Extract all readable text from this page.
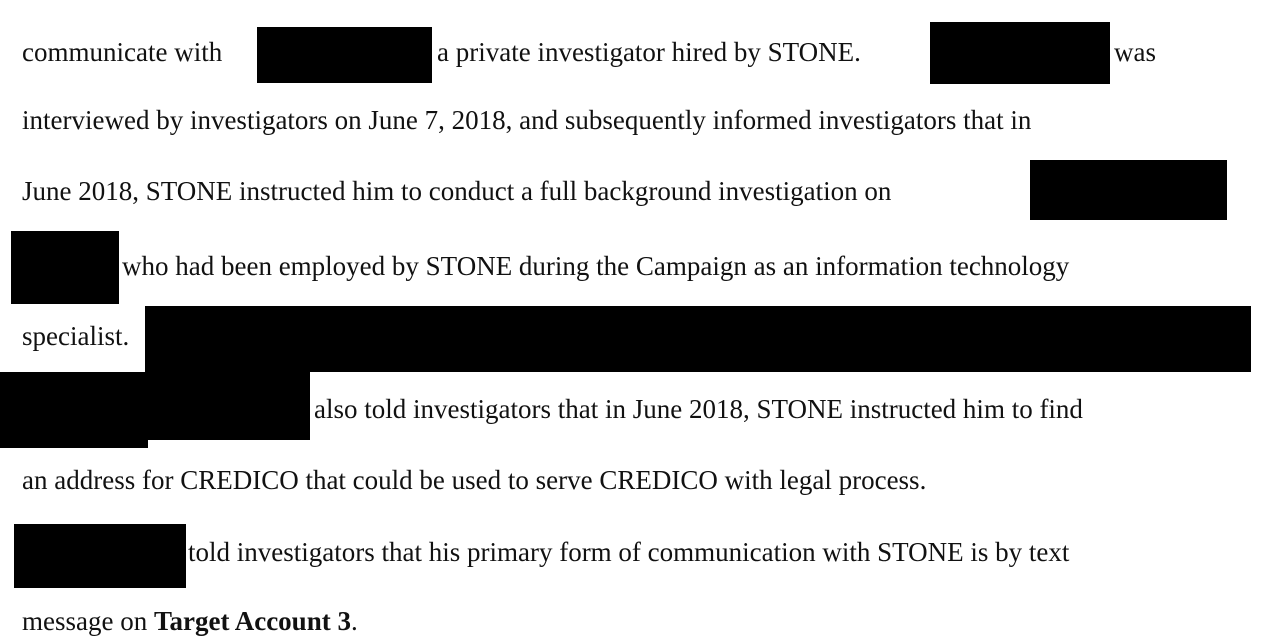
communicate with	a private investigator hired by STONE.	was
interviewed by investigators on June 7, 2018, and subsequently informed investigators that in
June 2018, STONE instructed him to conduct a full background investigation on
who had been employed by STONE during the Campaign as an information technology
specialist.
also told investigators that in June 2018, STONE instructed him to find
an address for CREDICO that could be used to serve CREDICO with legal process.
told investigators that his primary form of communication with STONE is by text
message on Target Account 3.
